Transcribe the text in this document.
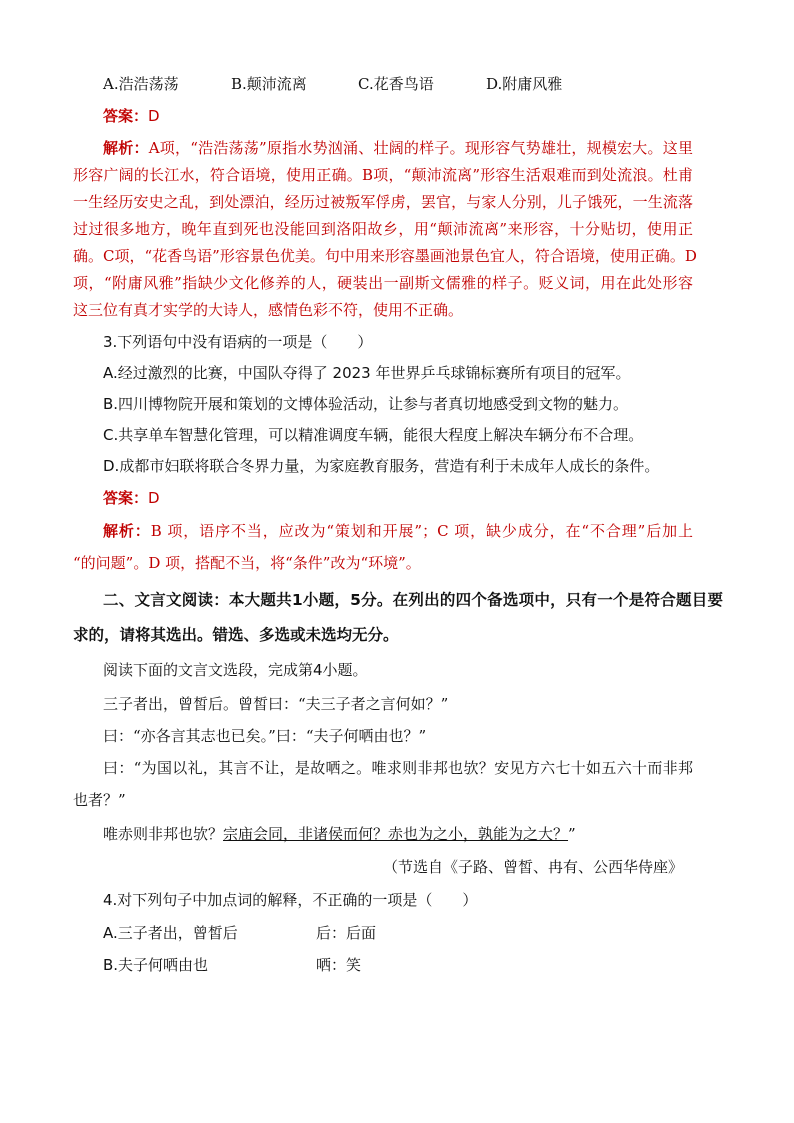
A.浩浩荡荡	B.颠沛流离	C.花香鸟语	D.附庸风雅
答案：D
解析：A项，“浩浩荡荡”原指水势汹涌、壮阔的样子。现形容气势雄壮，规模宏大。这里
形容广阔的长江水，符合语境，使用正确。B项，“颠沛流离”形容生活艰难而到处流浪。杜甫
一生经历安史之乱，到处漂泊，经历过被叛军俘虏，罢官，与家人分别，儿子饿死，一生流落
过过很多地方，晚年直到死也没能回到洛阳故乡，用“颠沛流离”来形容，十分贴切，使用正
确。C项，“花香鸟语”形容景色优美。句中用来形容墨画池景色宜人，符合语境，使用正确。D
项，“附庸风雅”指缺少文化修养的人，硬装出一副斯文儒雅的样子。贬义词，用在此处形容
这三位有真才实学的大诗人，感情色彩不符，使用不正确。
3.下列语句中没有语病的一项是（　　）
A.经过激烈的比赛，中国队夺得了 2023 年世界乒乓球锦标赛所有项目的冠军。
B.四川博物院开展和策划的文博体验活动，让参与者真切地感受到文物的魅力。
C.共享单车智慧化管理，可以精准调度车辆，能很大程度上解决车辆分布不合理。
D.成都市妇联将联合冬界力量，为家庭教育服务，营造有利于未成年人成长的条件。
答案：D
解析：B 项，语序不当，应改为“策划和开展”；C 项，缺少成分，在“不合理”后加上
“的问题”。D 项，搭配不当，将“条件”改为“环境”。
二、文言文阅读：本大题共1小题，5分。在列出的四个备选项中，只有一个是符合题目要
求的，请将其选出。错选、多选或未选均无分。
阅读下面的文言文选段，完成第4小题。
三子者出，曾皙后。曾皙曰：“夫三子者之言何如？”
曰：“亦各言其志也已矣。”曰：“夫子何哂由也？”
曰：“为国以礼，其言不让，是故哂之。唯求则非邦也欤？安见方六七十如五六十而非邦
也者？”
唯赤则非邦也欤？宗庙会同，非诸侯而何？赤也为之小，孰能为之大？”
（节选自《子路、曾皙、冉有、公西华侍座》
4.对下列句子中加点词的解释，不正确的一项是（　　）
A.三子者出，曾皙后	后：后面
B.夫子何哂由也	哂：笑
